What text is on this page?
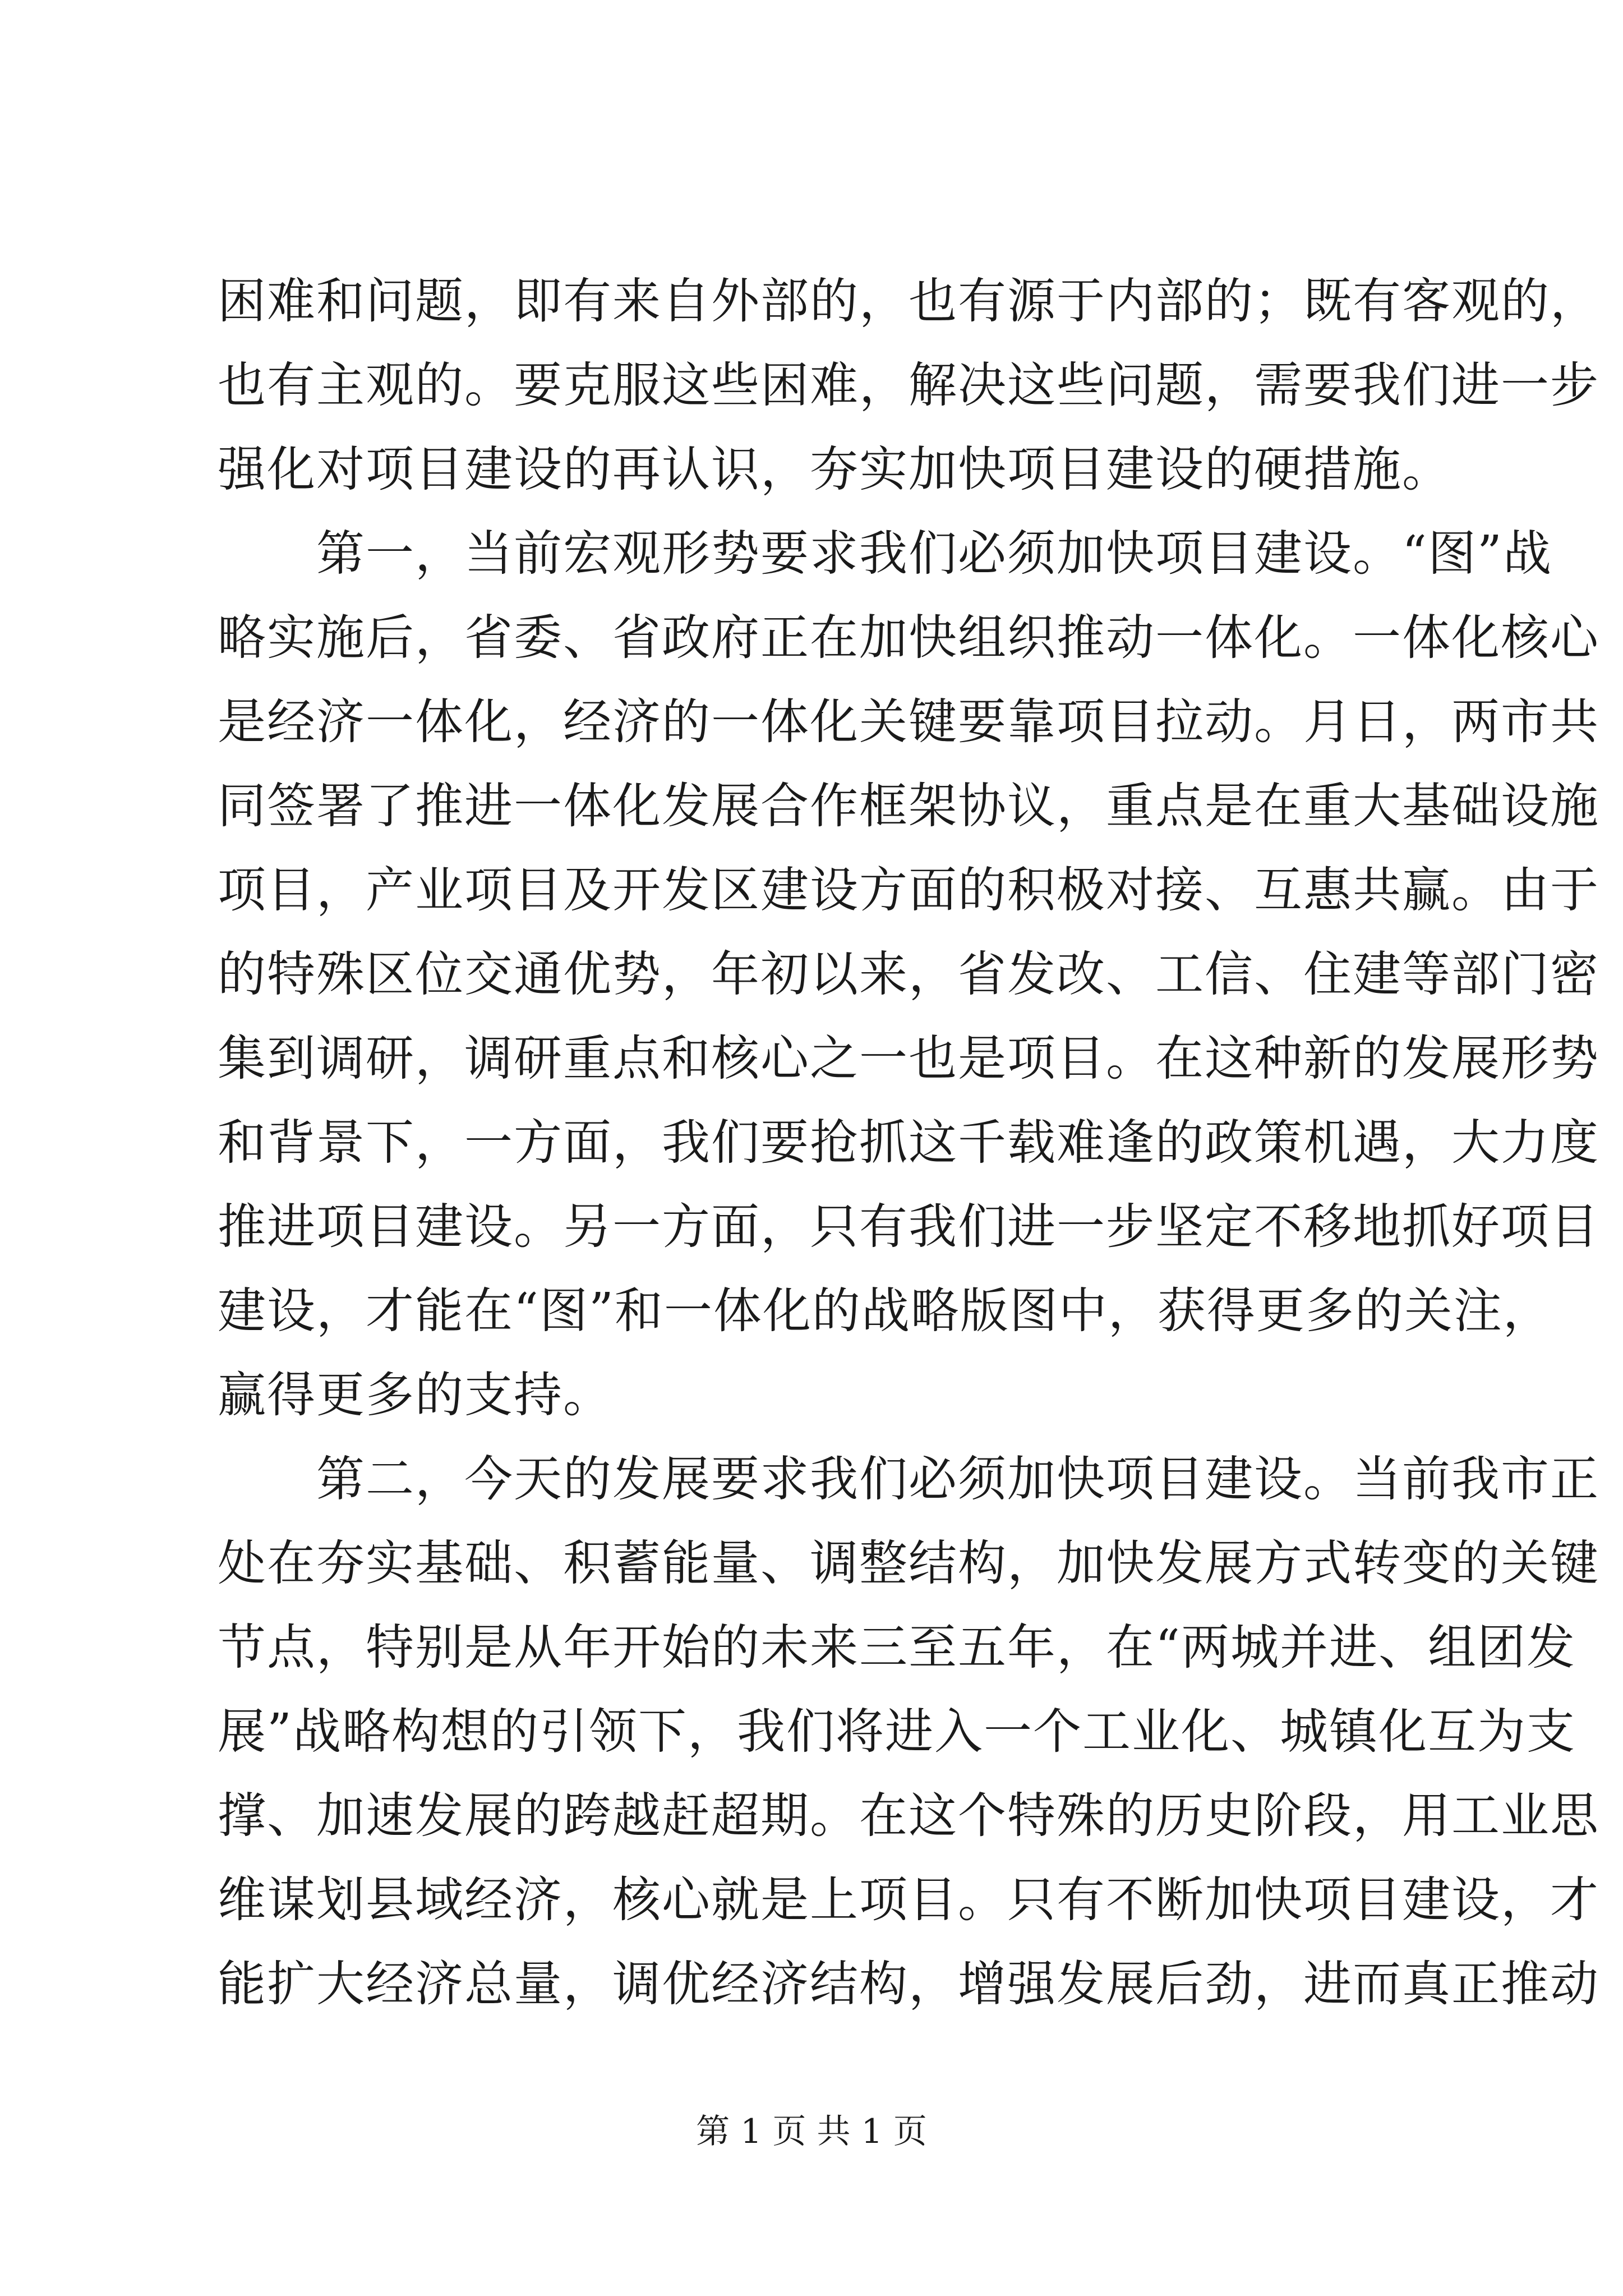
困难和问题，即有来自外部的，也有源于内部的；既有客观的，
也有主观的。要克服这些困难，解决这些问题，需要我们进一步
强化对项目建设的再认识，夯实加快项目建设的硬措施。
第一，当前宏观形势要求我们必须加快项目建设。“图”战
略实施后，省委、省政府正在加快组织推动一体化。一体化核心
是经济一体化，经济的一体化关键要靠项目拉动。月日，两市共
同签署了推进一体化发展合作框架协议，重点是在重大基础设施
项目，产业项目及开发区建设方面的积极对接、互惠共赢。由于
的特殊区位交通优势，年初以来，省发改、工信、住建等部门密
集到调研，调研重点和核心之一也是项目。在这种新的发展形势
和背景下，一方面，我们要抢抓这千载难逢的政策机遇，大力度
推进项目建设。另一方面，只有我们进一步坚定不移地抓好项目
建设，才能在“图”和一体化的战略版图中，获得更多的关注，
赢得更多的支持。
第二，今天的发展要求我们必须加快项目建设。当前我市正
处在夯实基础、积蓄能量、调整结构，加快发展方式转变的关键
节点，特别是从年开始的未来三至五年，在“两城并进、组团发
展”战略构想的引领下，我们将进入一个工业化、城镇化互为支
撑、加速发展的跨越赶超期。在这个特殊的历史阶段，用工业思
维谋划县域经济，核心就是上项目。只有不断加快项目建设，才
能扩大经济总量，调优经济结构，增强发展后劲，进而真正推动
第 1 页 共 1 页
